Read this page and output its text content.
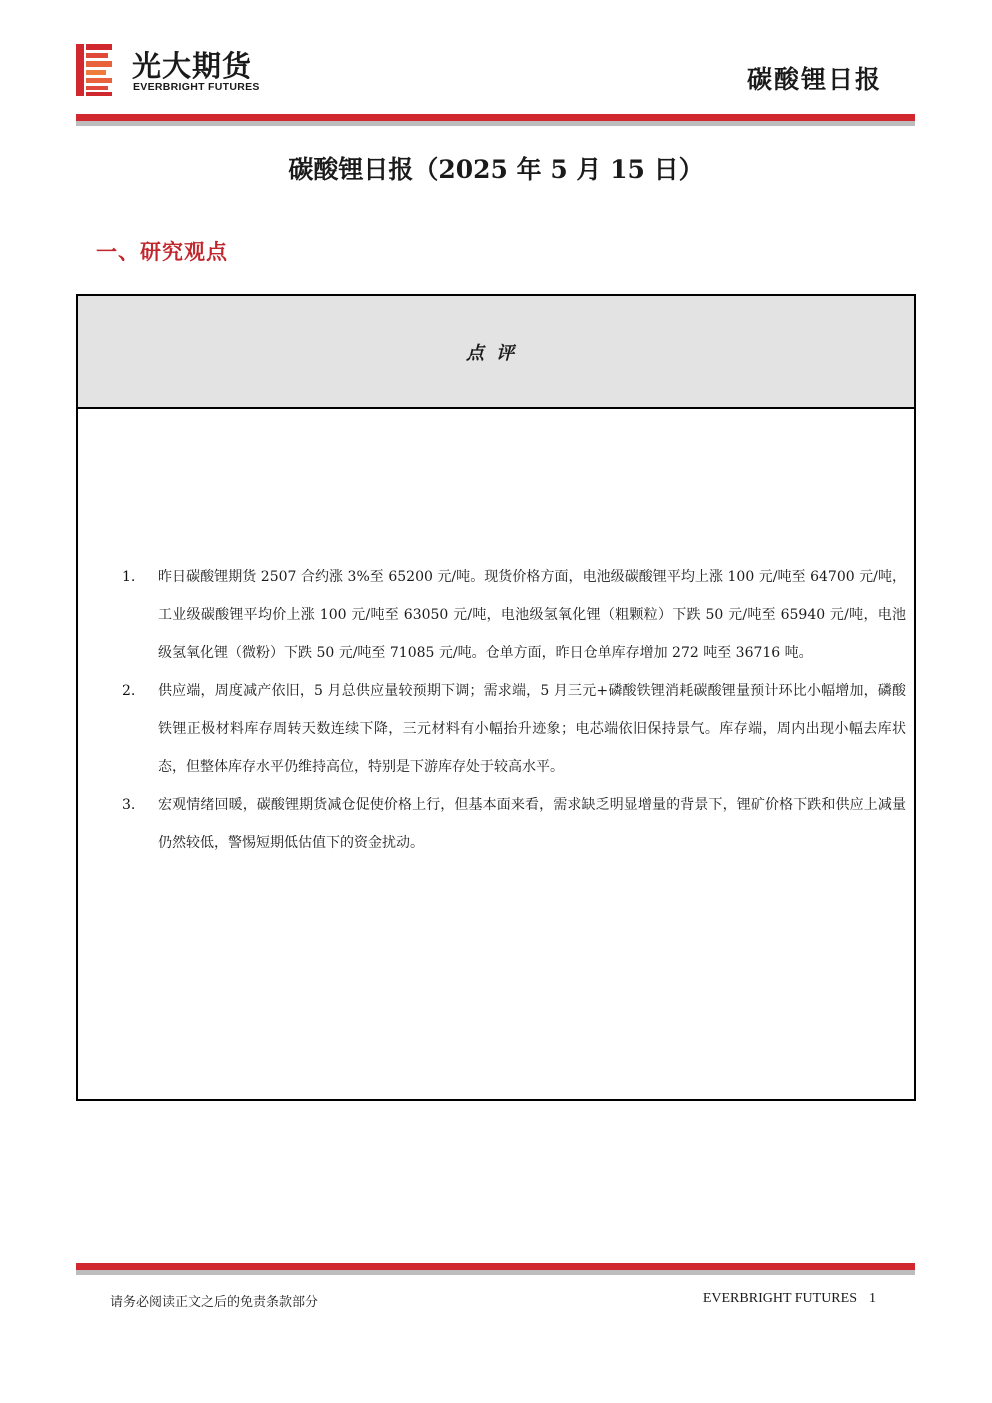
光大期货
EVERBRIGHT FUTURES	碳酸锂日报
碳酸锂日报（2025 年 5 月 15 日）
一、研究观点
点评
1. 昨日碳酸锂期货 2507 合约涨 3%至 65200 元/吨。现货价格方面，电池级碳酸锂平均上涨 100 元/吨至 64700 元/吨，工业级碳酸锂平均价上涨 100 元/吨至 63050 元/吨，电池级氢氧化锂（粗颗粒）下跌 50 元/吨至 65940 元/吨，电池级氢氧化锂（微粉）下跌 50 元/吨至 71085 元/吨。仓单方面，昨日仓单库存增加 272 吨至 36716 吨。
2. 供应端，周度减产依旧，5 月总供应量较预期下调；需求端，5 月三元+磷酸铁锂消耗碳酸锂量预计环比小幅增加，磷酸铁锂正极材料库存周转天数连续下降，三元材料有小幅抬升迹象；电芯端依旧保持景气。库存端，周内出现小幅去库状态，但整体库存水平仍维持高位，特别是下游库存处于较高水平。
3. 宏观情绪回暖，碳酸锂期货减仓促使价格上行，但基本面来看，需求缺乏明显增量的背景下，锂矿价格下跌和供应上减量仍然较低，警惕短期低估值下的资金扰动。
请务必阅读正文之后的免责条款部分	EVERBRIGHT FUTURES 1
